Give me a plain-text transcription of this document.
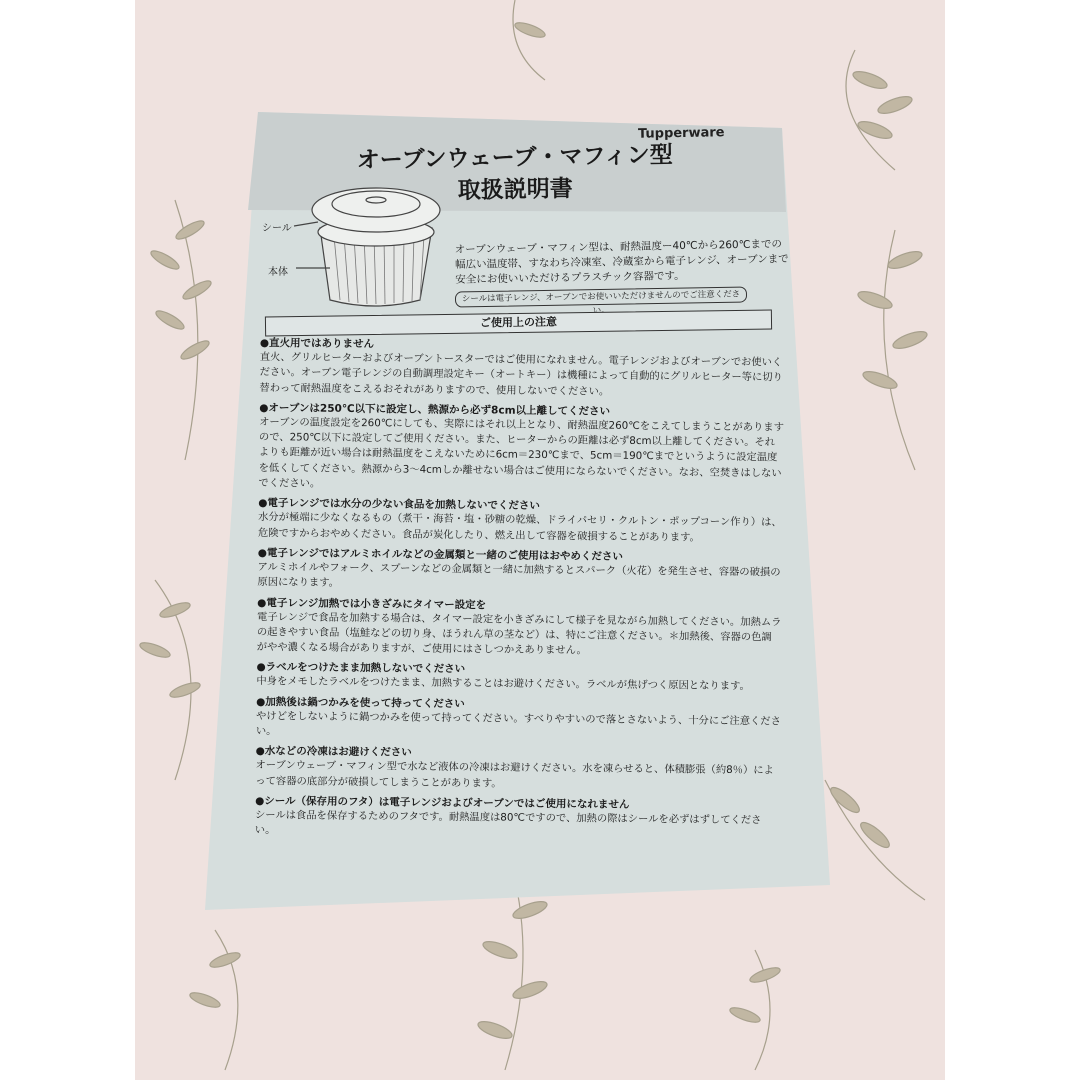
Tupperware
オーブンウェーブ・マフィン型
取扱説明書
シール
本体
オーブンウェーブ・マフィン型は、耐熱温度ー40℃から260℃までの幅広い温度帯、すなわち冷凍室、冷蔵室から電子レンジ、オーブンまで安全にお使いいただけるプラスチック容器です。
シールは電子レンジ、オーブンでお使いいただけませんのでご注意ください。
ご使用上の注意
●直火用ではありません

直火、グリルヒーターおよびオーブントースターではご使用になれません。電子レンジおよびオーブンでお使いください。オーブン電子レンジの自動調理設定キー（オートキー）は機種によって自動的にグリルヒーター等に切り替わって耐熱温度をこえるおそれがありますので、使用しないでください。

●オーブンは250℃以下に設定し、熱源から必ず8cm以上離してください

オーブンの温度設定を260℃にしても、実際にはそれ以上となり、耐熱温度260℃をこえてしまうことがありますので、250℃以下に設定してご使用ください。また、ヒーターからの距離は必ず8cm以上離してください。それよりも距離が近い場合は耐熱温度をこえないために6cm＝230℃まで、5cm＝190℃までというように設定温度を低くしてください。熱源から3～4cmしか離せない場合はご使用にならないでください。なお、空焚きはしないでください。

●電子レンジでは水分の少ない食品を加熱しないでください

水分が極端に少なくなるもの（煮干・海苔・塩・砂糖の乾燥、ドライパセリ・クルトン・ポップコーン作り）は、危険ですからおやめください。食品が炭化したり、燃え出して容器を破損することがあります。

●電子レンジではアルミホイルなどの金属類と一緒のご使用はおやめください

アルミホイルやフォーク、スプーンなどの金属類と一緒に加熱するとスパーク（火花）を発生させ、容器の破損の原因になります。

●電子レンジ加熱では小きざみにタイマー設定を

電子レンジで食品を加熱する場合は、タイマー設定を小きざみにして様子を見ながら加熱してください。加熱ムラの起きやすい食品（塩鮭などの切り身、ほうれん草の茎など）は、特にご注意ください。＊加熱後、容器の色調がやや濃くなる場合がありますが、ご使用にはさしつかえありません。

●ラベルをつけたまま加熱しないでください

中身をメモしたラベルをつけたまま、加熱することはお避けください。ラベルが焦げつく原因となります。

●加熱後は鍋つかみを使って持ってください

やけどをしないように鍋つかみを使って持ってください。すべりやすいので落とさないよう、十分にご注意ください。

●水などの冷凍はお避けください

オーブンウェーブ・マフィン型で水など液体の冷凍はお避けください。水を凍らせると、体積膨張（約8％）によって容器の底部分が破損してしまうことがあります。

●シール（保存用のフタ）は電子レンジおよびオーブンではご使用になれません

シールは食品を保存するためのフタです。耐熱温度は80℃ですので、加熱の際はシールを必ずはずしてください。
